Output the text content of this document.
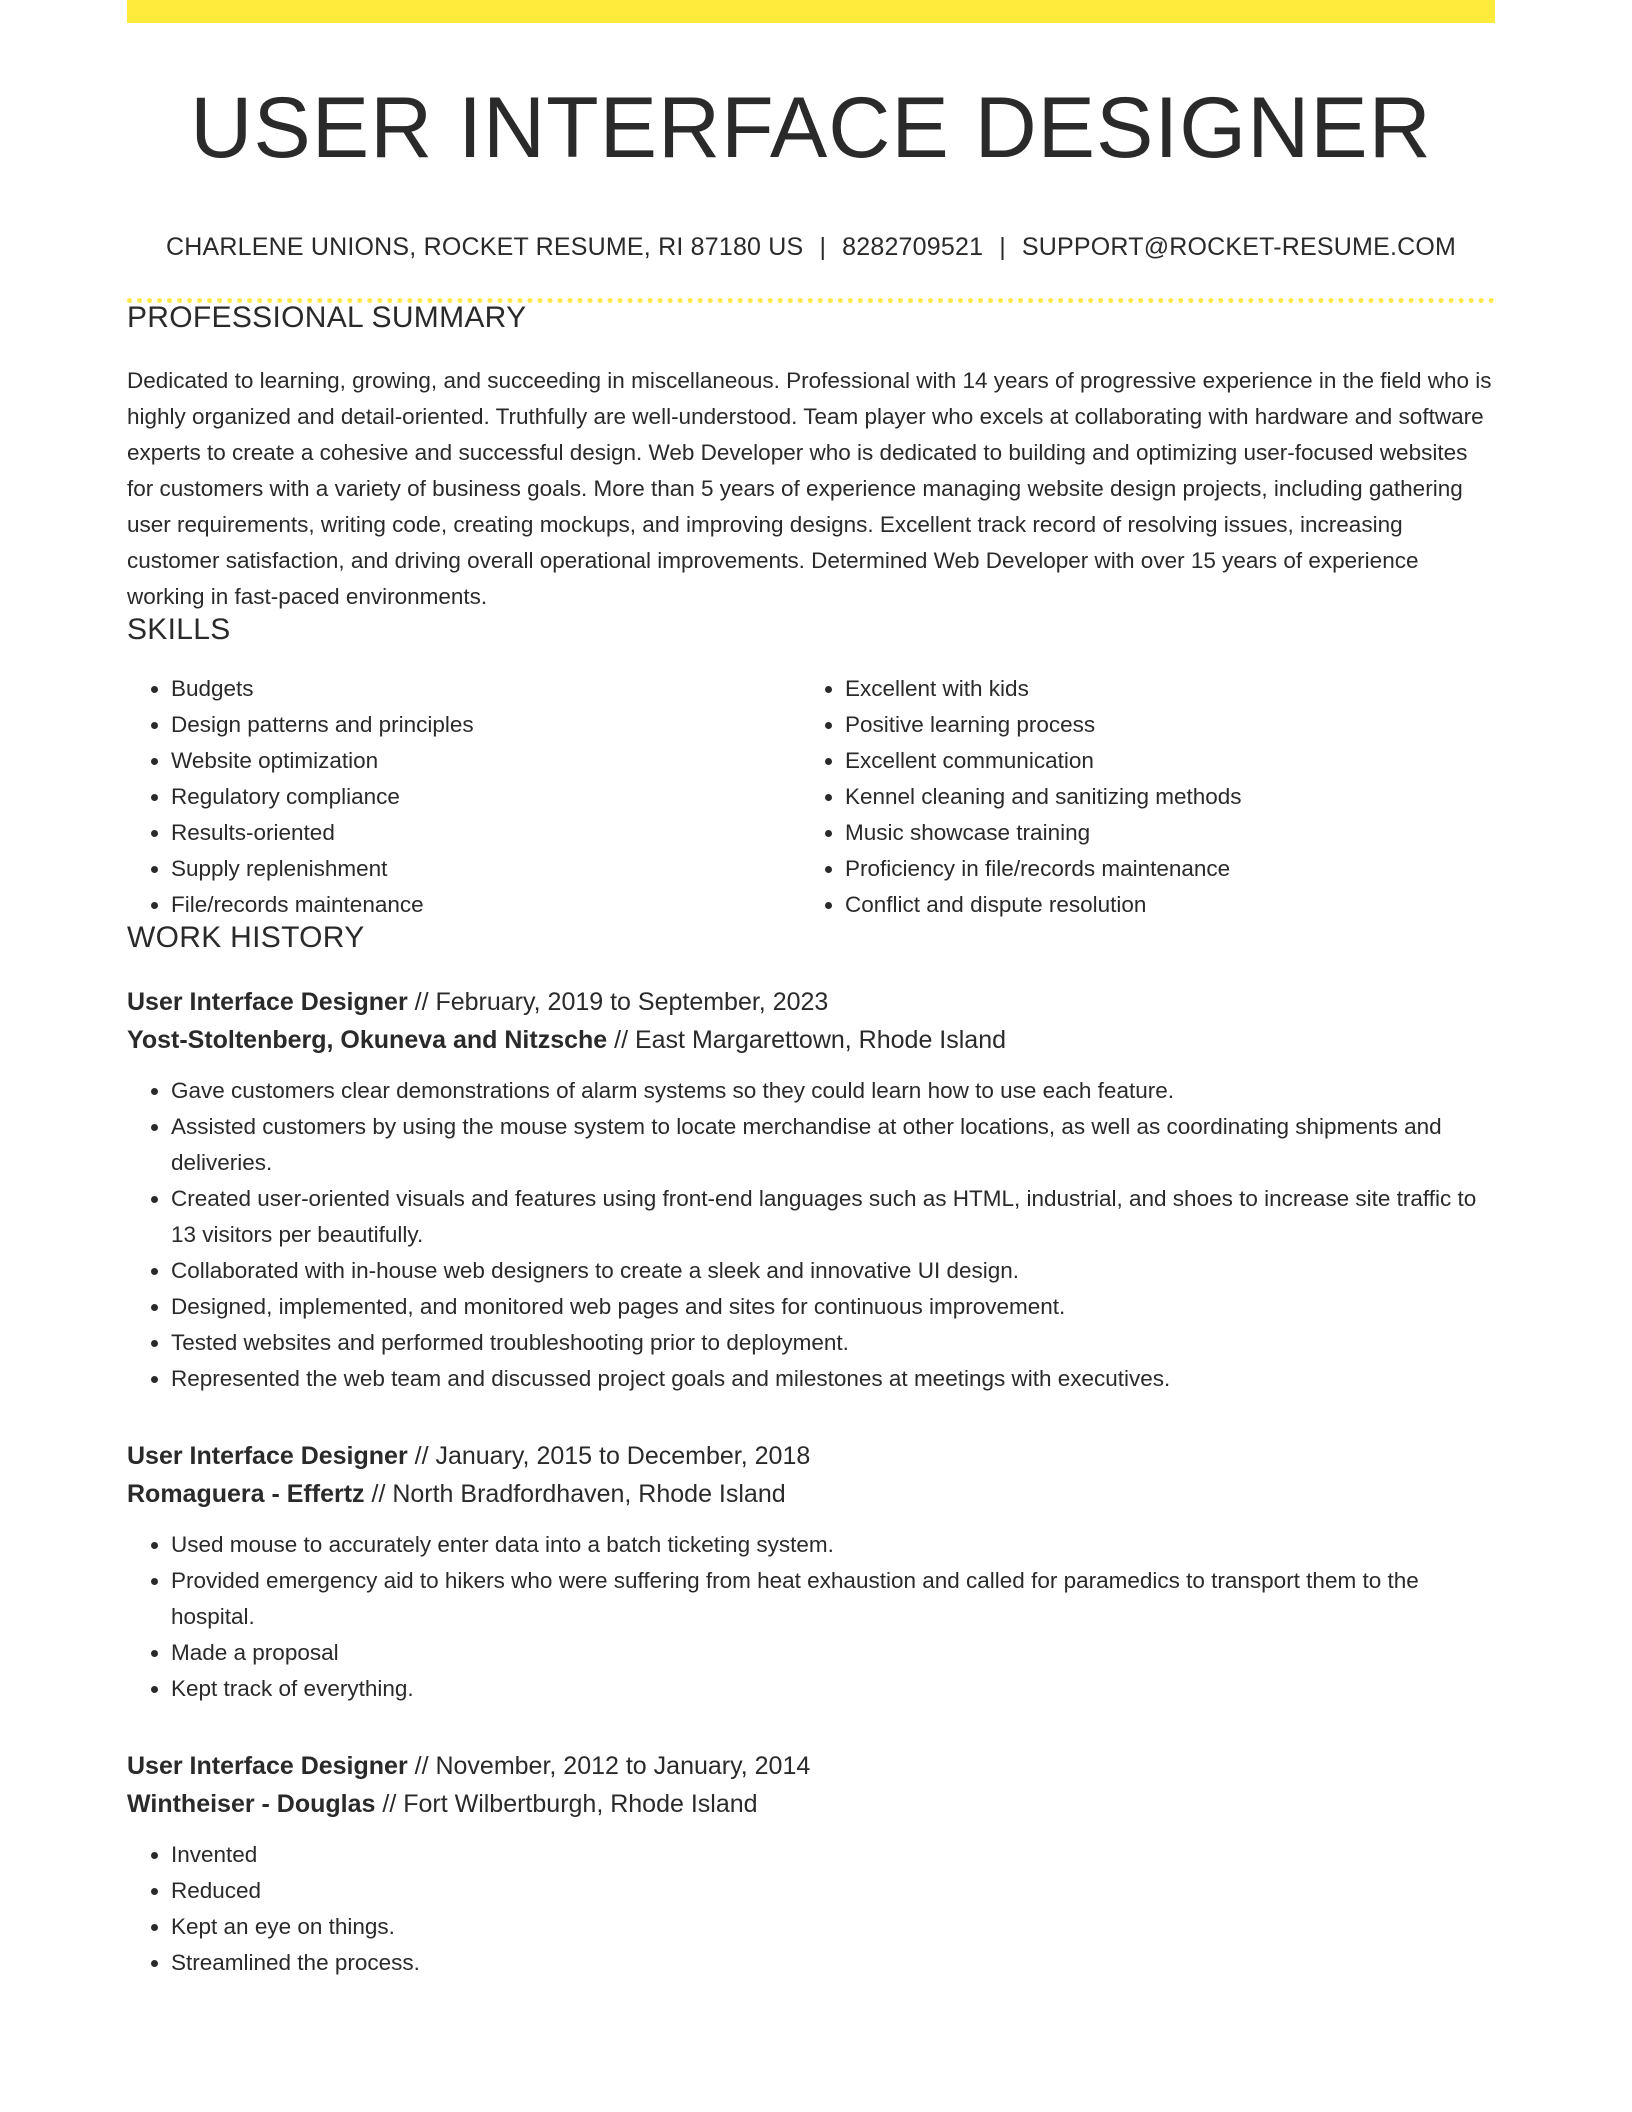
USER INTERFACE DESIGNER
CHARLENE UNIONS, ROCKET RESUME, RI 87180 US | 8282709521 | SUPPORT@ROCKET-RESUME.COM
PROFESSIONAL SUMMARY

Dedicated to learning, growing, and succeeding in miscellaneous. Professional with 14 years of progressive experience in the field who is highly organized and detail-oriented. Truthfully are well-understood. Team player who excels at collaborating with hardware and software experts to create a cohesive and successful design. Web Developer who is dedicated to building and optimizing user-focused websites for customers with a variety of business goals. More than 5 years of experience managing website design projects, including gathering user requirements, writing code, creating mockups, and improving designs. Excellent track record of resolving issues, increasing customer satisfaction, and driving overall operational improvements. Determined Web Developer with over 15 years of experience working in fast-paced environments.

SKILLS
• Budgets
• Design patterns and principles
• Website optimization
• Regulatory compliance
• Results-oriented
• Supply replenishment
• File/records maintenance
• Excellent with kids
• Positive learning process
• Excellent communication
• Kennel cleaning and sanitizing methods
• Music showcase training
• Proficiency in file/records maintenance
• Conflict and dispute resolution
WORK HISTORY
User Interface Designer // February, 2019 to September, 2023
Yost-Stoltenberg, Okuneva and Nitzsche // East Margarettown, Rhode Island
• Gave customers clear demonstrations of alarm systems so they could learn how to use each feature.
• Assisted customers by using the mouse system to locate merchandise at other locations, as well as coordinating shipments and deliveries.
• Created user-oriented visuals and features using front-end languages such as HTML, industrial, and shoes to increase site traffic to 13 visitors per beautifully.
• Collaborated with in-house web designers to create a sleek and innovative UI design.
• Designed, implemented, and monitored web pages and sites for continuous improvement.
• Tested websites and performed troubleshooting prior to deployment.
• Represented the web team and discussed project goals and milestones at meetings with executives.
User Interface Designer // January, 2015 to December, 2018
Romaguera - Effertz // North Bradfordhaven, Rhode Island
• Used mouse to accurately enter data into a batch ticketing system.
• Provided emergency aid to hikers who were suffering from heat exhaustion and called for paramedics to transport them to the hospital.
• Made a proposal
• Kept track of everything.
User Interface Designer // November, 2012 to January, 2014
Wintheiser - Douglas // Fort Wilbertburgh, Rhode Island
• Invented
• Reduced
• Kept an eye on things.
• Streamlined the process.
